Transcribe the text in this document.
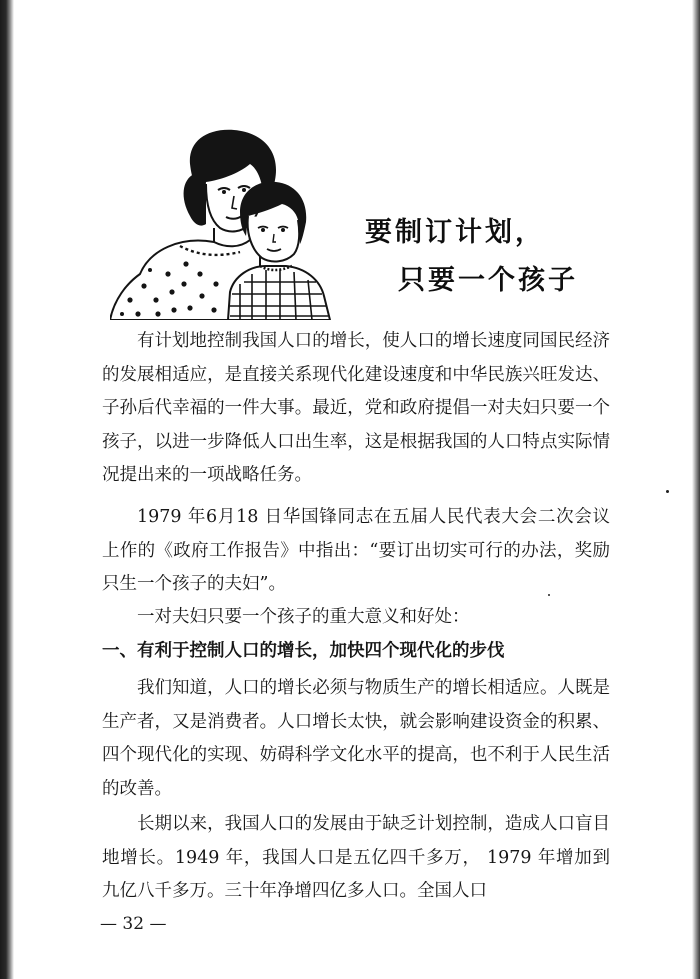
要制订计划，
只要一个孩子

有计划地控制我国人口的增长，使人口的增长速度同国民经济的发展相适应，是直接关系现代化建设速度和中华民族兴旺发达、子孙后代幸福的一件大事。最近，党和政府提倡一对夫妇只要一个孩子，以进一步降低人口出生率，这是根据我国的人口特点实际情况提出来的一项战略任务。

1979 年6月18 日华国锋同志在五届人民代表大会二次会议上作的《政府工作报告》中指出：“要订出切实可行的办法，奖励只生一个孩子的夫妇”。

一对夫妇只要一个孩子的重大意义和好处：

一、有利于控制人口的增长，加快四个现代化的步伐

我们知道，人口的增长必须与物质生产的增长相适应。人既是生产者，又是消费者。人口增长太快，就会影响建设资金的积累、四个现代化的实现、妨碍科学文化水平的提高，也不利于人民生活的改善。

长期以来，我国人口的发展由于缺乏计划控制，造成人口盲目地增长。1949 年，我国人口是五亿四千多万， 1979 年增加到九亿八千多万。三十年净增四亿多人口。全国人口

— 32 —
